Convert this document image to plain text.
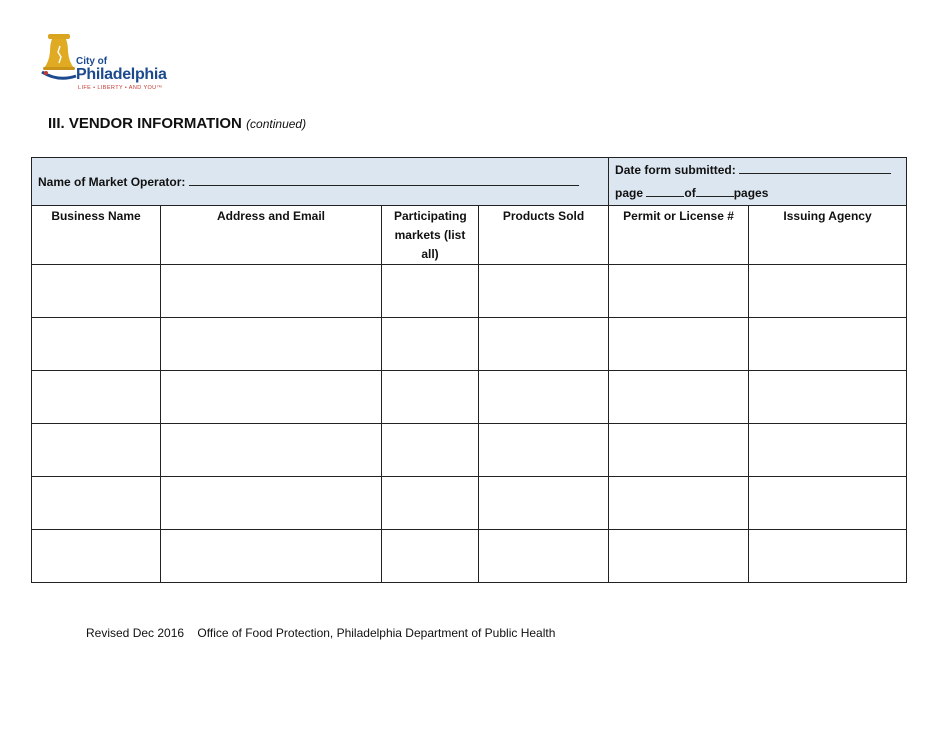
City of
Philadelphia
LIFE • LIBERTY • AND YOU™
III. VENDOR INFORMATION (continued)
Name of Market Operator:				Date form submitted:
page of pages	

Business Name	Address and Email	Participating markets (list all)	Products Sold	Permit or License #	Issuing Agency

Revised Dec 2016 Office of Food Protection, Philadelphia Department of Public Health
